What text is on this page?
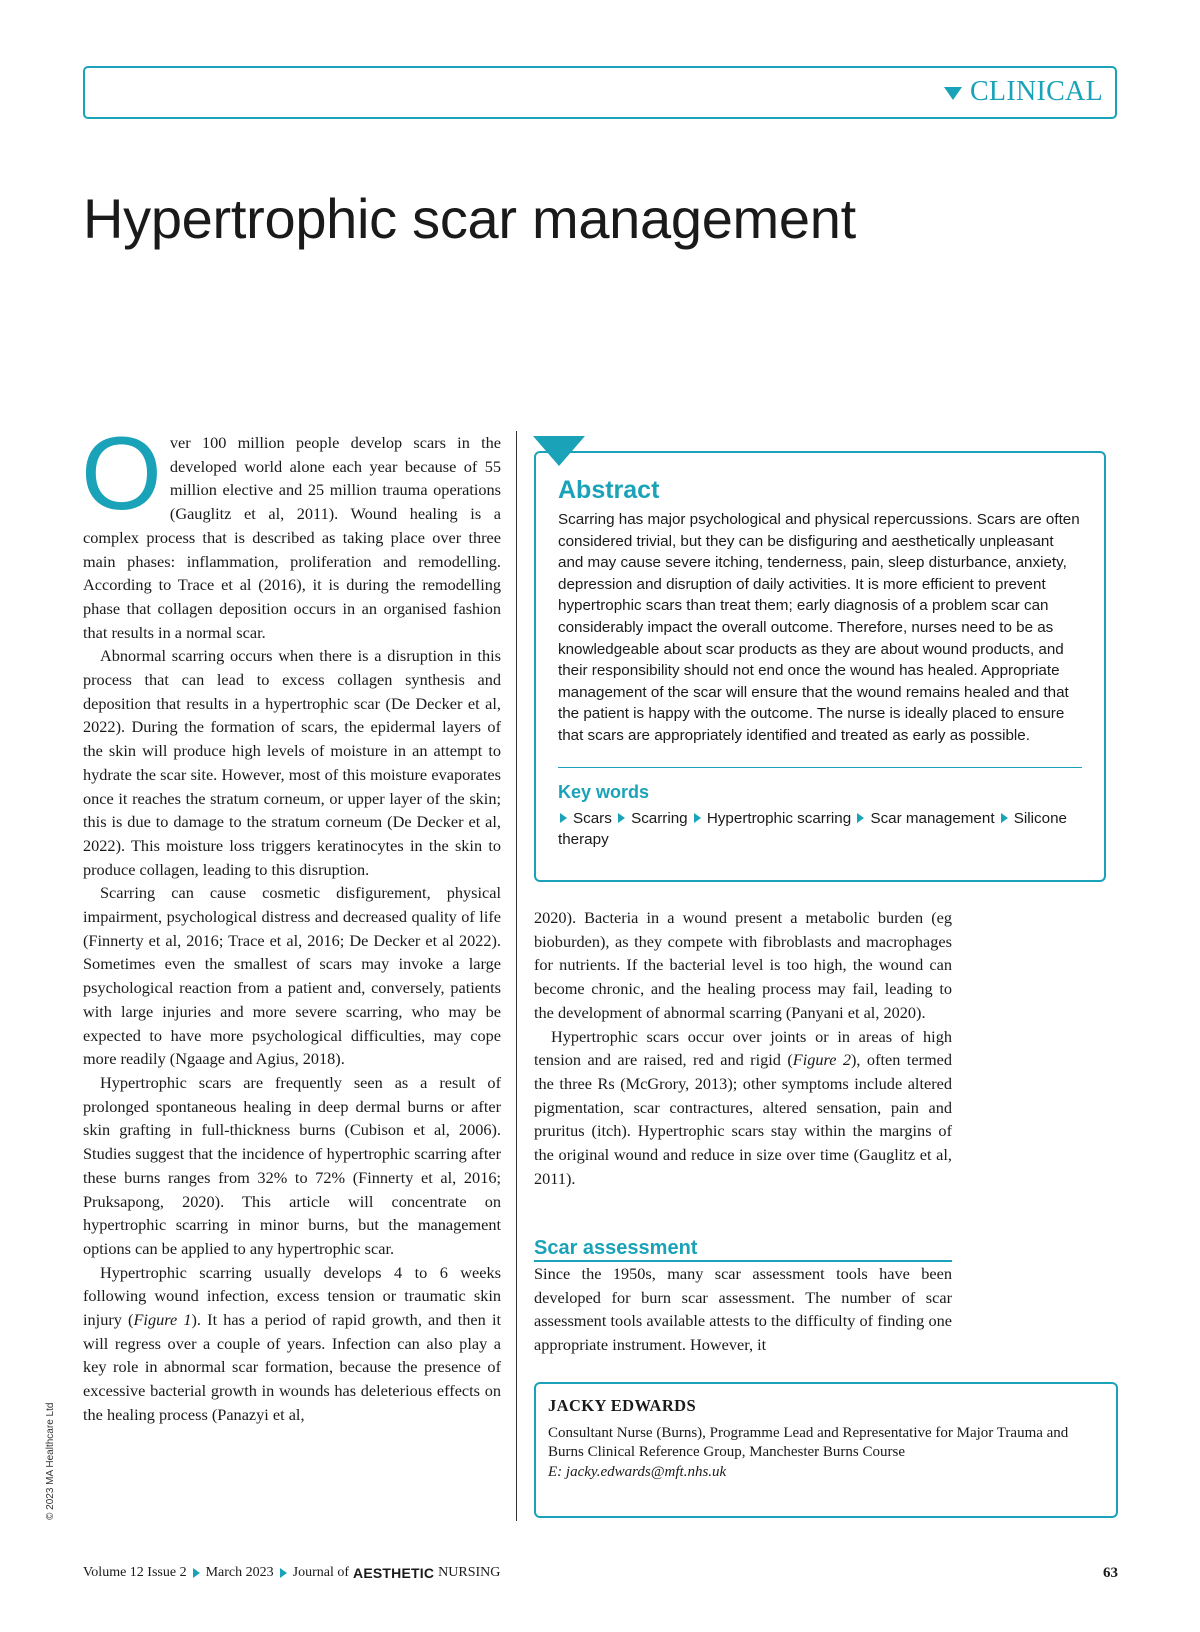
CLINICAL
Hypertrophic scar management

Over 100 million people develop scars in the developed world alone each year because of 55 million elective and 25 million trauma operations (Gauglitz et al, 2011). Wound healing is a complex process that is described as taking place over three main phases: inflammation, proliferation and remodelling. According to Trace et al (2016), it is during the remodelling phase that collagen deposition occurs in an organised fashion that results in a normal scar.

Abnormal scarring occurs when there is a disruption in this process that can lead to excess collagen synthesis and deposition that results in a hypertrophic scar (De Decker et al, 2022). During the formation of scars, the epidermal layers of the skin will produce high levels of moisture in an attempt to hydrate the scar site. However, most of this moisture evaporates once it reaches the stratum corneum, or upper layer of the skin; this is due to damage to the stratum corneum (De Decker et al, 2022). This moisture loss triggers keratinocytes in the skin to produce collagen, leading to this disruption.

Scarring can cause cosmetic disfigurement, physical impairment, psychological distress and decreased quality of life (Finnerty et al, 2016; Trace et al, 2016; De Decker et al 2022). Sometimes even the smallest of scars may invoke a large psychological reaction from a patient and, conversely, patients with large injuries and more severe scarring, who may be expected to have more psychological difficulties, may cope more readily (Ngaage and Agius, 2018).

Hypertrophic scars are frequently seen as a result of prolonged spontaneous healing in deep dermal burns or after skin grafting in full-thickness burns (Cubison et al, 2006). Studies suggest that the incidence of hypertrophic scarring after these burns ranges from 32% to 72% (Finnerty et al, 2016; Pruksapong, 2020). This article will concentrate on hypertrophic scarring in minor burns, but the management options can be applied to any hypertrophic scar.

Hypertrophic scarring usually develops 4 to 6 weeks following wound infection, excess tension or traumatic skin injury (Figure 1). It has a period of rapid growth, and then it will regress over a couple of years. Infection can also play a key role in abnormal scar formation, because the presence of excessive bacterial growth in wounds has deleterious effects on the healing process (Panazyi et al,

Abstract

Scarring has major psychological and physical repercussions. Scars are often considered trivial, but they can be disfiguring and aesthetically unpleasant and may cause severe itching, tenderness, pain, sleep disturbance, anxiety, depression and disruption of daily activities. It is more efficient to prevent hypertrophic scars than treat them; early diagnosis of a problem scar can considerably impact the overall outcome. Therefore, nurses need to be as knowledgeable about scar products as they are about wound products, and their responsibility should not end once the wound has healed. Appropriate management of the scar will ensure that the wound remains healed and that the patient is happy with the outcome. The nurse is ideally placed to ensure that scars are appropriately identified and treated as early as possible.

Key words

Scars Scarring Hypertrophic scarring Scar management Silicone therapy

2020). Bacteria in a wound present a metabolic burden (eg bioburden), as they compete with fibroblasts and macrophages for nutrients. If the bacterial level is too high, the wound can become chronic, and the healing process may fail, leading to the development of abnormal scarring (Panyani et al, 2020).

Hypertrophic scars occur over joints or in areas of high tension and are raised, red and rigid (Figure 2), often termed the three Rs (McGrory, 2013); other symptoms include altered pigmentation, scar contractures, altered sensation, pain and pruritus (itch). Hypertrophic scars stay within the margins of the original wound and reduce in size over time (Gauglitz et al, 2011).

Scar assessment

Since the 1950s, many scar assessment tools have been developed for burn scar assessment. The number of scar assessment tools available attests to the difficulty of finding one appropriate instrument. However, it

JACKY EDWARDS

Consultant Nurse (Burns), Programme Lead and Representative for Major Trauma and Burns Clinical Reference Group, Manchester Burns Course

E: jacky.edwards@mft.nhs.uk

© 2023 MA Healthcare Ltd
Volume 12 Issue 2 March 2023 Journal of AESTHETIC NURSING	63
